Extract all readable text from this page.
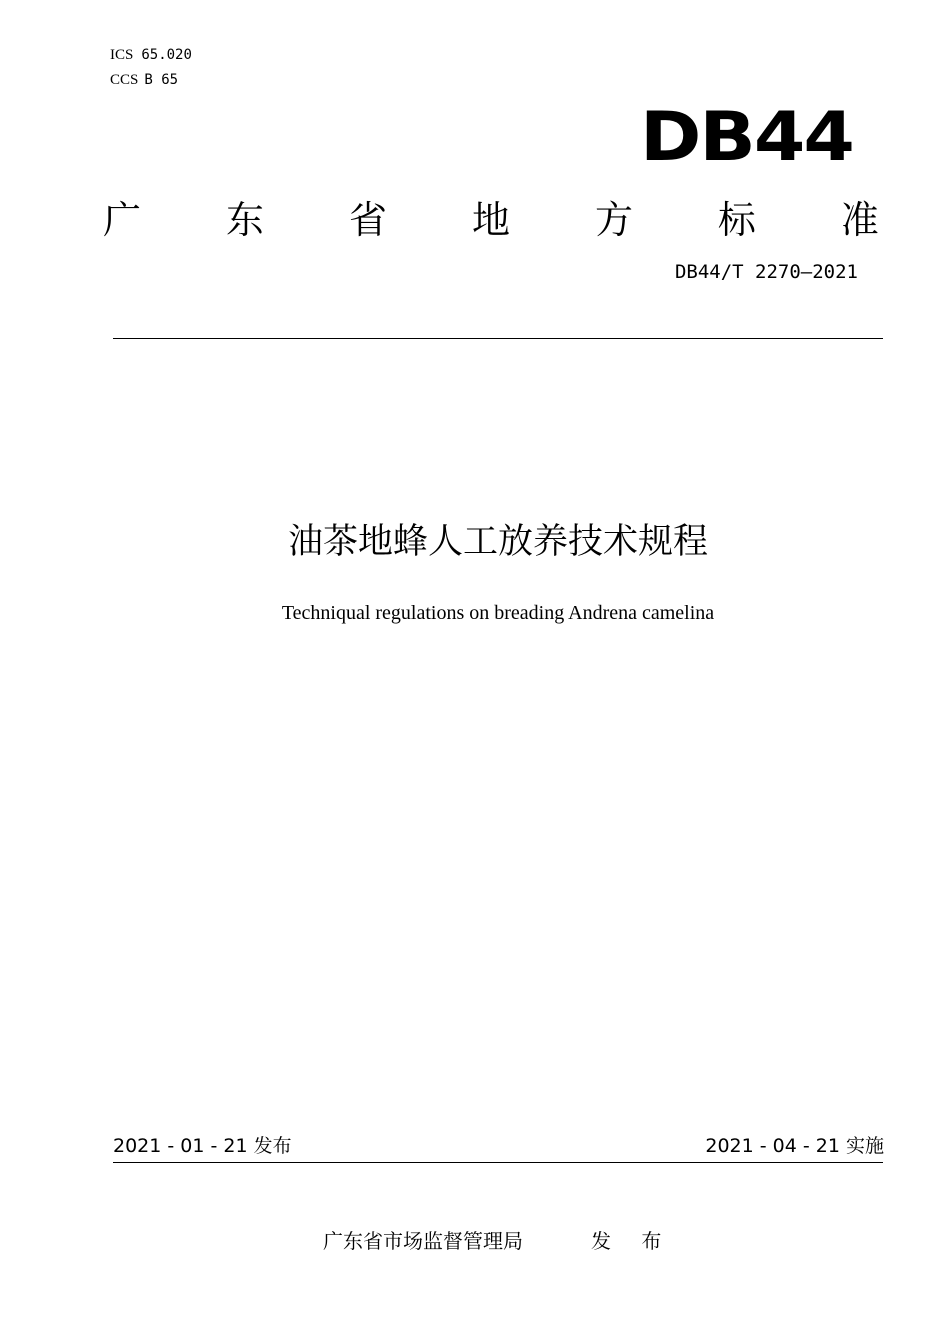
ICS 65.020
CCS B 65
DB44
广 东 省 地 方 标 准
DB44/T 2270—2021
油茶地蜂人工放养技术规程
Techniqual regulations on breading Andrena camelina
2021 - 01 - 21 发布	2021 - 04 - 21 实施
广东省市场监督管理局	发 布
